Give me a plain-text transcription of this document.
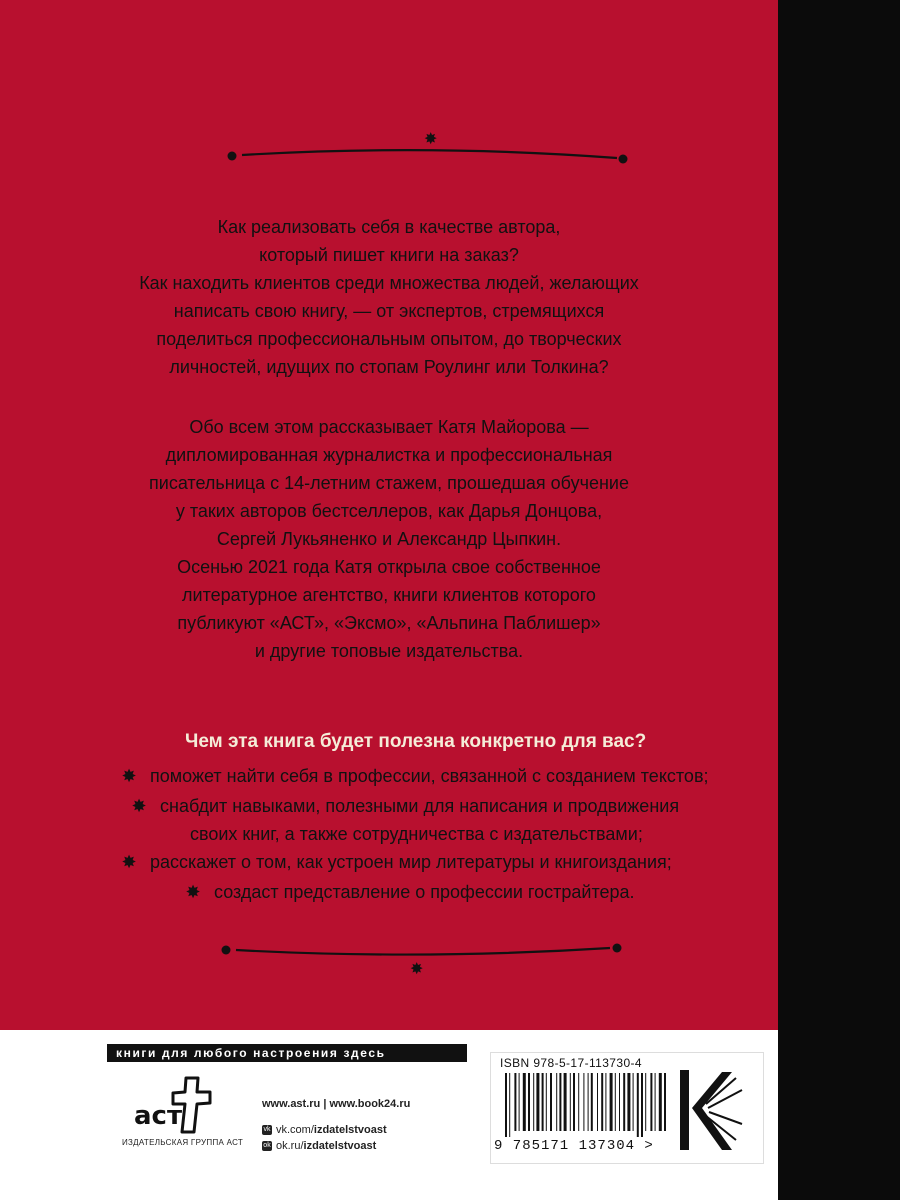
✸

Как реализовать себя в качестве автора,

который пишет книги на заказ?

Как находить клиентов среди множества людей, желающих

написать свою книгу, — от экспертов, стремящихся

поделиться профессиональным опытом, до творческих

личностей, идущих по стопам Роулинг или Толкина?

Обо всем этом рассказывает Катя Майорова —

дипломированная журналистка и профессиональная

писательница с 14-летним стажем, прошедшая обучение

у таких авторов бестселлеров, как Дарья Донцова,

Сергей Лукьяненко и Александр Цыпкин.

Осенью 2021 года Катя открыла свое собственное

литературное агентство, книги клиентов которого

публикуют «АСТ», «Эксмо», «Альпина Паблишер»

и другие топовые издательства.

Чем эта книга будет полезна конкретно для вас?
✸ поможет найти себя в профессии, связанной с созданием текстов;
✸ снабдит навыками, полезными для написания и продвижения
своих книг, а также сотрудничества с издательствами;
✸ расскажет о том, как устроен мир литературы и книгоиздания;
✸ создаст представление о профессии гострайтера.
✸
книги для любого настроения здесь
аст
ИЗДАТЕЛЬСКАЯ ГРУППА АСТ
www.ast.ru | www.book24.ru
vk vk.com/izdatelstvoast
ok ok.ru/izdatelstvoast
ISBN 978-5-17-113730-4
9 785171 137304 >
